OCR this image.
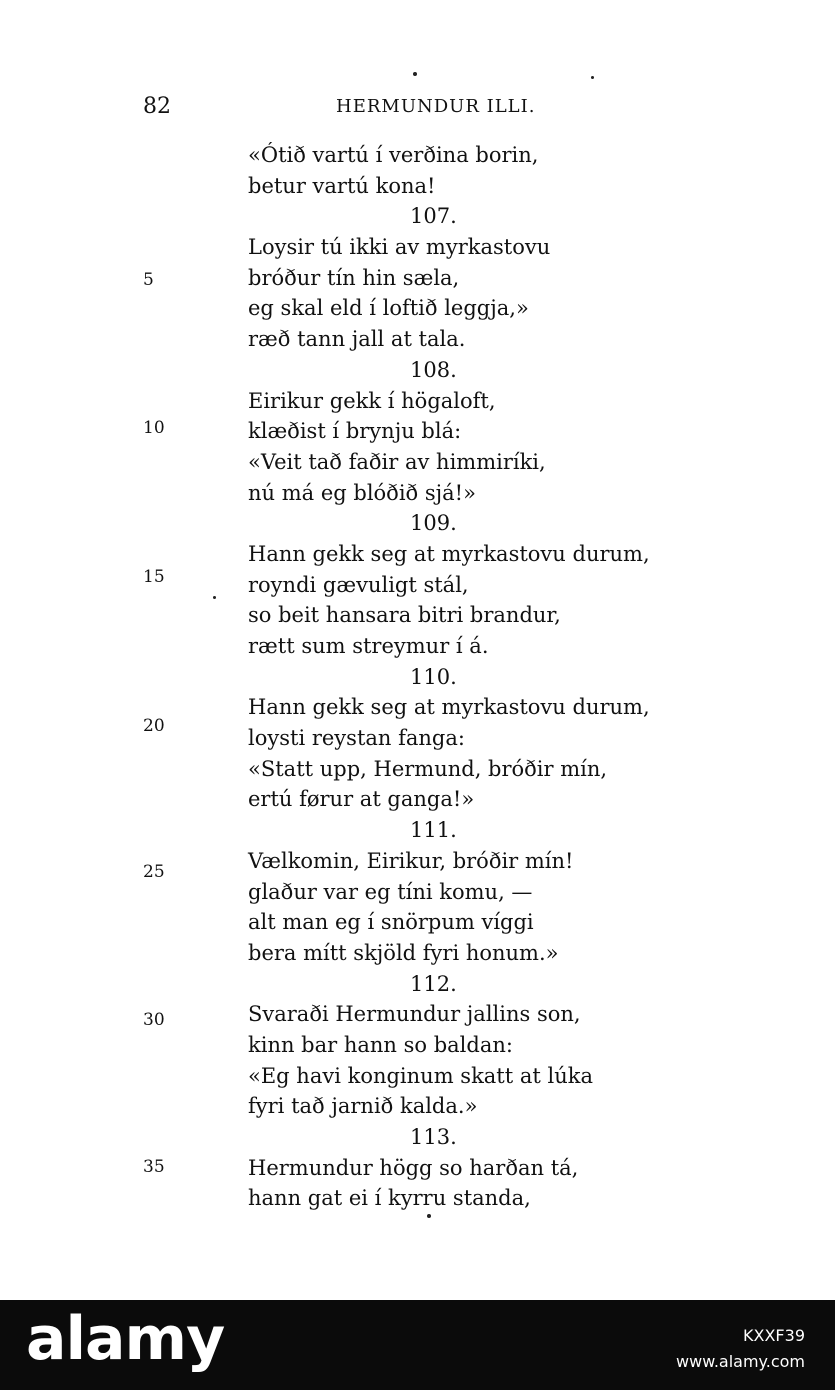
82	HERMUNDUR ILLI.
«Ótið vartú í verðina borin,
betur vartú kona!
107.
Loysir tú ikki av myrkastovu
bróður tín hin sæla,
eg skal eld í loftið leggja,»
ræð tann jall at tala.
108.
Eirikur gekk í högaloft,
klæðist í brynju blá:
«Veit tað faðir av himmiríki,
nú má eg blóðið sjá!»
109.
Hann gekk seg at myrkastovu durum,
royndi gævuligt stál,
so beit hansara bitri brandur,
rætt sum streymur í á.
110.
Hann gekk seg at myrkastovu durum,
loysti reystan fanga:
«Statt upp, Hermund, bróðir mín,
ertú førur at ganga!»
111.
Vælkomin, Eirikur, bróðir mín!
glaður var eg tíni komu, —
alt man eg í snörpum víggi
bera mítt skjöld fyri honum.»
112.
Svaraði Hermundur jallins son,
kinn bar hann so baldan:
«Eg havi konginum skatt at lúka
fyri tað jarnið kalda.»
113.
Hermundur högg so harðan tá,
hann gat ei í kyrru standa,
5
10
15
20
25
30
35
alamy	KXXF39
www.alamy.com
